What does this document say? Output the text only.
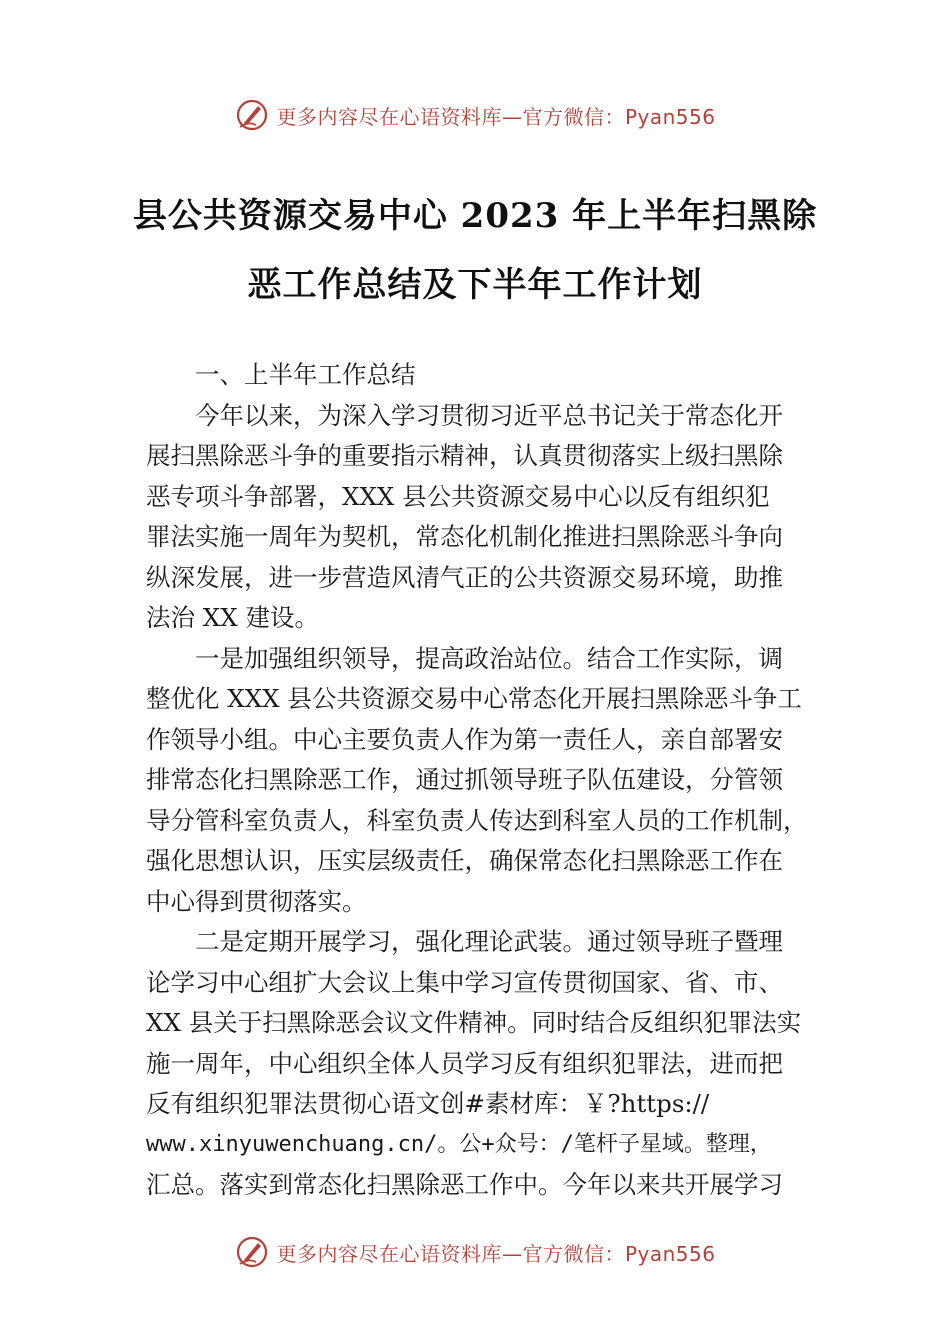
更多内容尽在心语资料库—官方微信：Pyan556
县公共资源交易中心 2023 年上半年扫黑除
恶工作总结及下半年工作计划
一、上半年工作总结
今年以来，为深入学习贯彻习近平总书记关于常态化开
展扫黑除恶斗争的重要指示精神，认真贯彻落实上级扫黑除
恶专项斗争部署，XXX 县公共资源交易中心以反有组织犯
罪法实施一周年为契机，常态化机制化推进扫黑除恶斗争向
纵深发展，进一步营造风清气正的公共资源交易环境，助推
法治 XX 建设。
一是加强组织领导，提高政治站位。结合工作实际，调
整优化 XXX 县公共资源交易中心常态化开展扫黑除恶斗争工
作领导小组。中心主要负责人作为第一责任人，亲自部署安
排常态化扫黑除恶工作，通过抓领导班子队伍建设，分管领
导分管科室负责人，科室负责人传达到科室人员的工作机制，
强化思想认识，压实层级责任，确保常态化扫黑除恶工作在
中心得到贯彻落实。
二是定期开展学习，强化理论武装。通过领导班子暨理
论学习中心组扩大会议上集中学习宣传贯彻国家、省、市、
XX 县关于扫黑除恶会议文件精神。同时结合反组织犯罪法实
施一周年，中心组织全体人员学习反有组织犯罪法，进而把
反有组织犯罪法贯彻心语文创#素材库：￥?https://
www.xinyuwenchuang.cn/。公+众号：/笔杆子星域。整理，
汇总。落实到常态化扫黑除恶工作中。今年以来共开展学习
更多内容尽在心语资料库—官方微信：Pyan556
